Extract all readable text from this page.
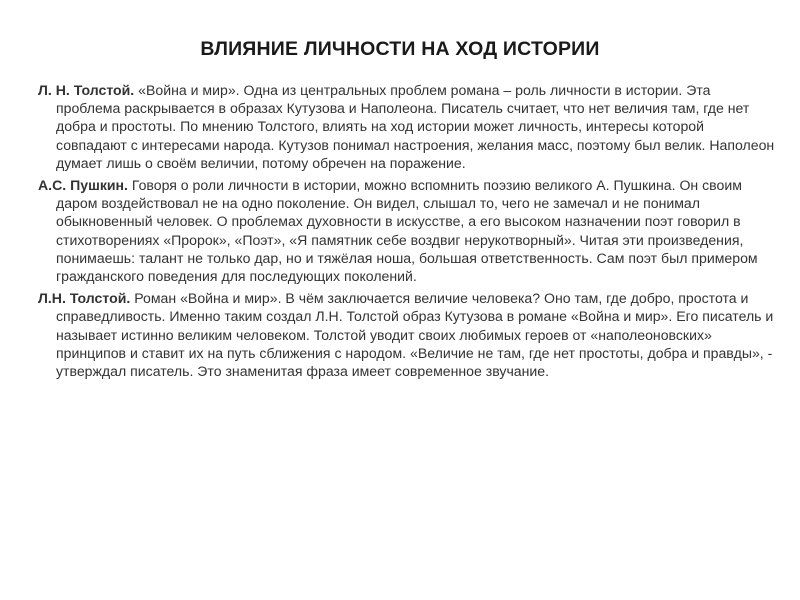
ВЛИЯНИЕ ЛИЧНОСТИ НА ХОД ИСТОРИИ

Л. Н. Толстой. «Война и мир». Одна из центральных проблем романа – роль личности в истории. Эта проблема раскрывается в образах Кутузова и Наполеона. Писатель считает, что нет величия там, где нет добра и простоты. По мнению Толстого, влиять на ход истории может личность, интересы которой совпадают с интересами народа. Кутузов понимал настроения, желания масс, поэтому был велик. Наполеон думает лишь о своём величии, потому обречен на поражение.

А.С. Пушкин. Говоря о роли личности в истории, можно вспомнить поэзию великого А. Пушкина. Он своим даром воздействовал не на одно поколение. Он видел, слышал то, чего не замечал и не понимал обыкновенный человек. О проблемах духовности в искусстве, а его высоком назначении поэт говорил в стихотворениях «Пророк», «Поэт», «Я памятник себе воздвиг нерукотворный». Читая эти произведения, понимаешь: талант не только дар, но и тяжёлая ноша, большая ответственность. Сам поэт был примером гражданского поведения для последующих поколений.

Л.Н. Толстой. Роман «Война и мир». В чём заключается величие человека? Оно там, где добро, простота и справедливость. Именно таким создал Л.Н. Толстой образ Кутузова в романе «Война и мир». Его писатель и называет истинно великим человеком. Толстой уводит своих любимых героев от «наполеоновских» принципов и ставит их на путь сближения с народом. «Величие не там, где нет простоты, добра и правды», - утверждал писатель. Это знаменитая фраза имеет современное звучание.
